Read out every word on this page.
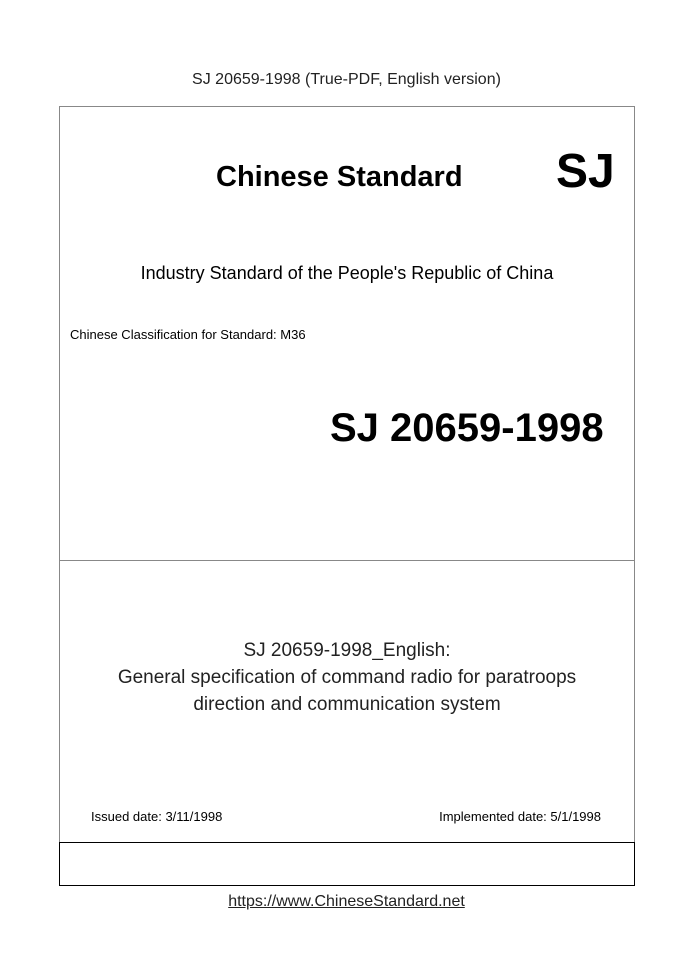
SJ 20659-1998 (True-PDF, English version)
Chinese Standard SJ
Industry Standard of the People's Republic of China
Chinese Classification for Standard: M36
SJ 20659-1998
SJ 20659-1998_English:
General specification of command radio for paratroops
direction and communication system
Issued date: 3/11/1998	Implemented date: 5/1/1998
https://www.ChineseStandard.net
